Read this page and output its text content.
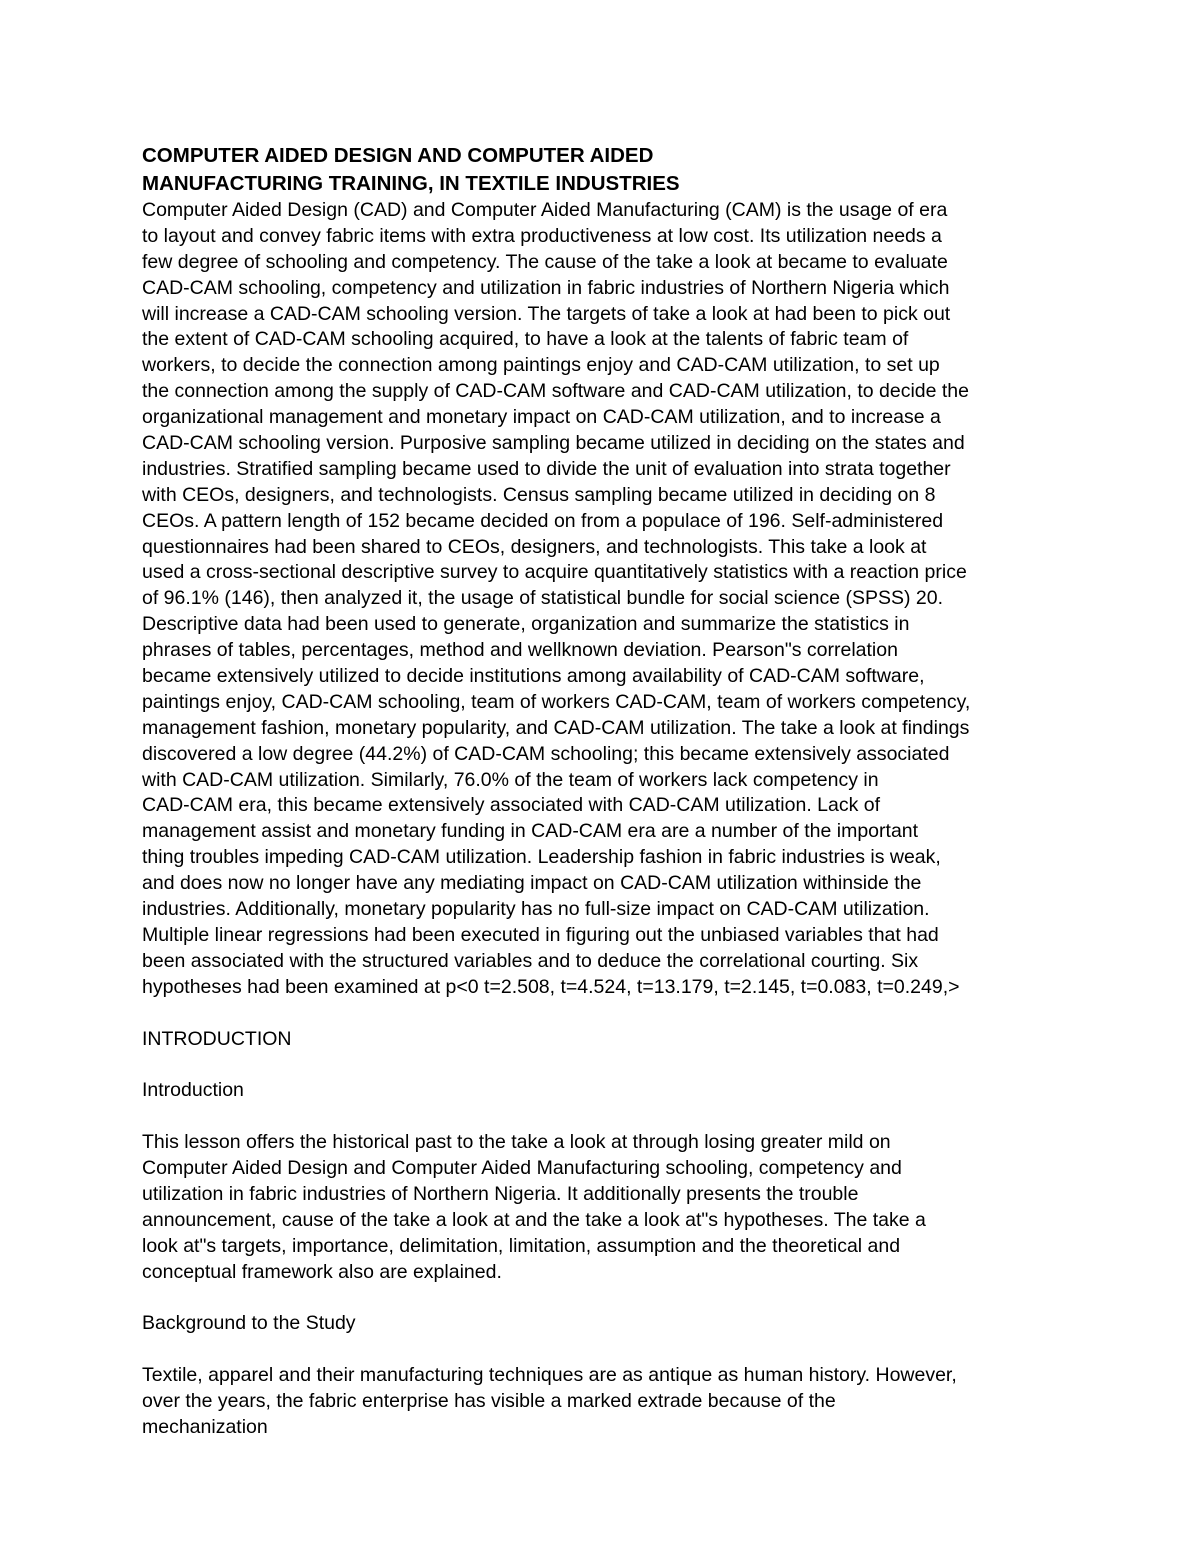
COMPUTER AIDED DESIGN AND COMPUTER AIDED
MANUFACTURING TRAINING, IN TEXTILE INDUSTRIES
Computer Aided Design (CAD) and Computer Aided Manufacturing (CAM) is the usage of era
to layout and convey fabric items with extra productiveness at low cost. Its utilization needs a
few degree of schooling and competency. The cause of the take a look at became to evaluate
CAD-CAM schooling, competency and utilization in fabric industries of Northern Nigeria which
will increase a CAD-CAM schooling version. The targets of take a look at had been to pick out
the extent of CAD-CAM schooling acquired, to have a look at the talents of fabric team of
workers, to decide the connection among paintings enjoy and CAD-CAM utilization, to set up
the connection among the supply of CAD-CAM software and CAD-CAM utilization, to decide the
organizational management and monetary impact on CAD-CAM utilization, and to increase a
CAD-CAM schooling version. Purposive sampling became utilized in deciding on the states and
industries. Stratified sampling became used to divide the unit of evaluation into strata together
with CEOs, designers, and technologists. Census sampling became utilized in deciding on 8
CEOs. A pattern length of 152 became decided on from a populace of 196. Self-administered
questionnaires had been shared to CEOs, designers, and technologists. This take a look at
used a cross-sectional descriptive survey to acquire quantitatively statistics with a reaction price
of 96.1% (146), then analyzed it, the usage of statistical bundle for social science (SPSS) 20.
Descriptive data had been used to generate, organization and summarize the statistics in
phrases of tables, percentages, method and wellknown deviation. Pearson"s correlation
became extensively utilized to decide institutions among availability of CAD-CAM software,
paintings enjoy, CAD-CAM schooling, team of workers CAD-CAM, team of workers competency,
management fashion, monetary popularity, and CAD-CAM utilization. The take a look at findings
discovered a low degree (44.2%) of CAD-CAM schooling; this became extensively associated
with CAD-CAM utilization. Similarly, 76.0% of the team of workers lack competency in
CAD-CAM era, this became extensively associated with CAD-CAM utilization. Lack of
management assist and monetary funding in CAD-CAM era are a number of the important
thing troubles impeding CAD-CAM utilization. Leadership fashion in fabric industries is weak,
and does now no longer have any mediating impact on CAD-CAM utilization withinside the
industries. Additionally, monetary popularity has no full-size impact on CAD-CAM utilization.
Multiple linear regressions had been executed in figuring out the unbiased variables that had
been associated with the structured variables and to deduce the correlational courting. Six
hypotheses had been examined at p<0 t=2.508, t=4.524, t=13.179, t=2.145, t=0.083, t=0.249,>
INTRODUCTION
Introduction
This lesson offers the historical past to the take a look at through losing greater mild on
Computer Aided Design and Computer Aided Manufacturing schooling, competency and
utilization in fabric industries of Northern Nigeria. It additionally presents the trouble
announcement, cause of the take a look at and the take a look at"s hypotheses. The take a
look at"s targets, importance, delimitation, limitation, assumption and the theoretical and
conceptual framework also are explained.
Background to the Study
Textile, apparel and their manufacturing techniques are as antique as human history. However,
over the years, the fabric enterprise has visible a marked extrade because of the
mechanization
